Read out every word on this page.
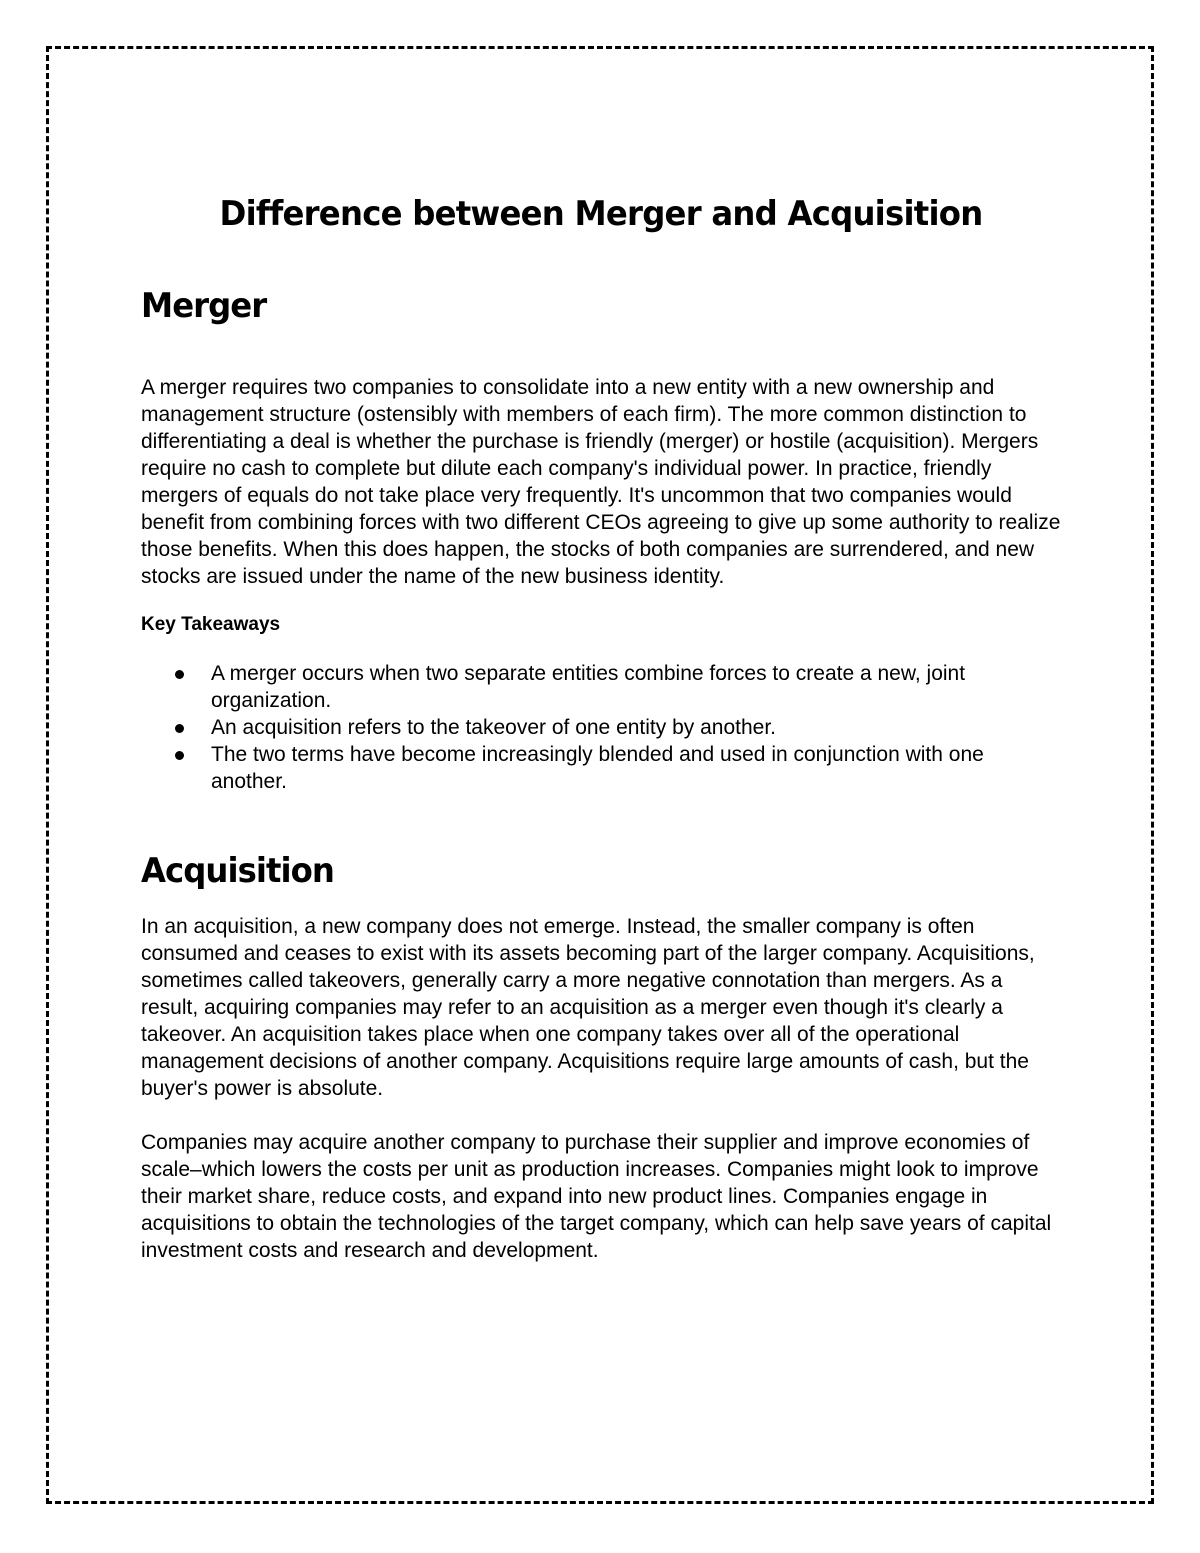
Difference between Merger and Acquisition
Merger

A merger requires two companies to consolidate into a new entity with a new ownership and management structure (ostensibly with members of each firm). The more common distinction to differentiating a deal is whether the purchase is friendly (merger) or hostile (acquisition). Mergers require no cash to complete but dilute each company's individual power. In practice, friendly mergers of equals do not take place very frequently. It's uncommon that two companies would benefit from combining forces with two different CEOs agreeing to give up some authority to realize those benefits. When this does happen, the stocks of both companies are surrendered, and new stocks are issued under the name of the new business identity.

Key Takeaways
A merger occurs when two separate entities combine forces to create a new, joint organization.
An acquisition refers to the takeover of one entity by another.
The two terms have become increasingly blended and used in conjunction with one another.
Acquisition

In an acquisition, a new company does not emerge. Instead, the smaller company is often consumed and ceases to exist with its assets becoming part of the larger company. Acquisitions, sometimes called takeovers, generally carry a more negative connotation than mergers. As a result, acquiring companies may refer to an acquisition as a merger even though it's clearly a takeover. An acquisition takes place when one company takes over all of the operational management decisions of another company. Acquisitions require large amounts of cash, but the buyer's power is absolute.

Companies may acquire another company to purchase their supplier and improve economies of scale–which lowers the costs per unit as production increases. Companies might look to improve their market share, reduce costs, and expand into new product lines. Companies engage in acquisitions to obtain the technologies of the target company, which can help save years of capital investment costs and research and development.
